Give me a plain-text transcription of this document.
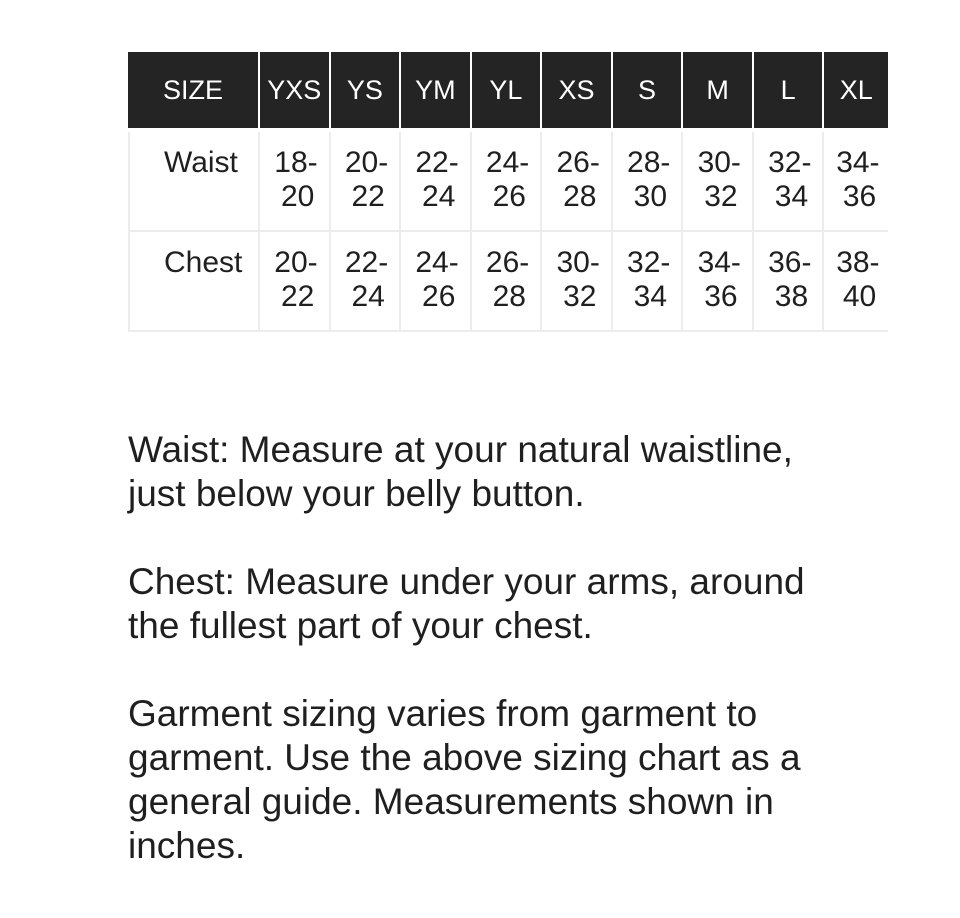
SIZE	YXS	YS	YM	YL	XS	S	M	L	XL
Waist	18- 20	20- 22	22- 24	24- 26	26- 28	28- 30	30- 32	32- 34	34- 36
Chest	20- 22	22- 24	24- 26	26- 28	30- 32	32- 34	34- 36	36- 38	38- 40

Waist: Measure at your natural waistline, just below your belly button.

Chest: Measure under your arms, around the fullest part of your chest.

Garment sizing varies from garment to garment. Use the above sizing chart as a general guide. Measurements shown in inches.
